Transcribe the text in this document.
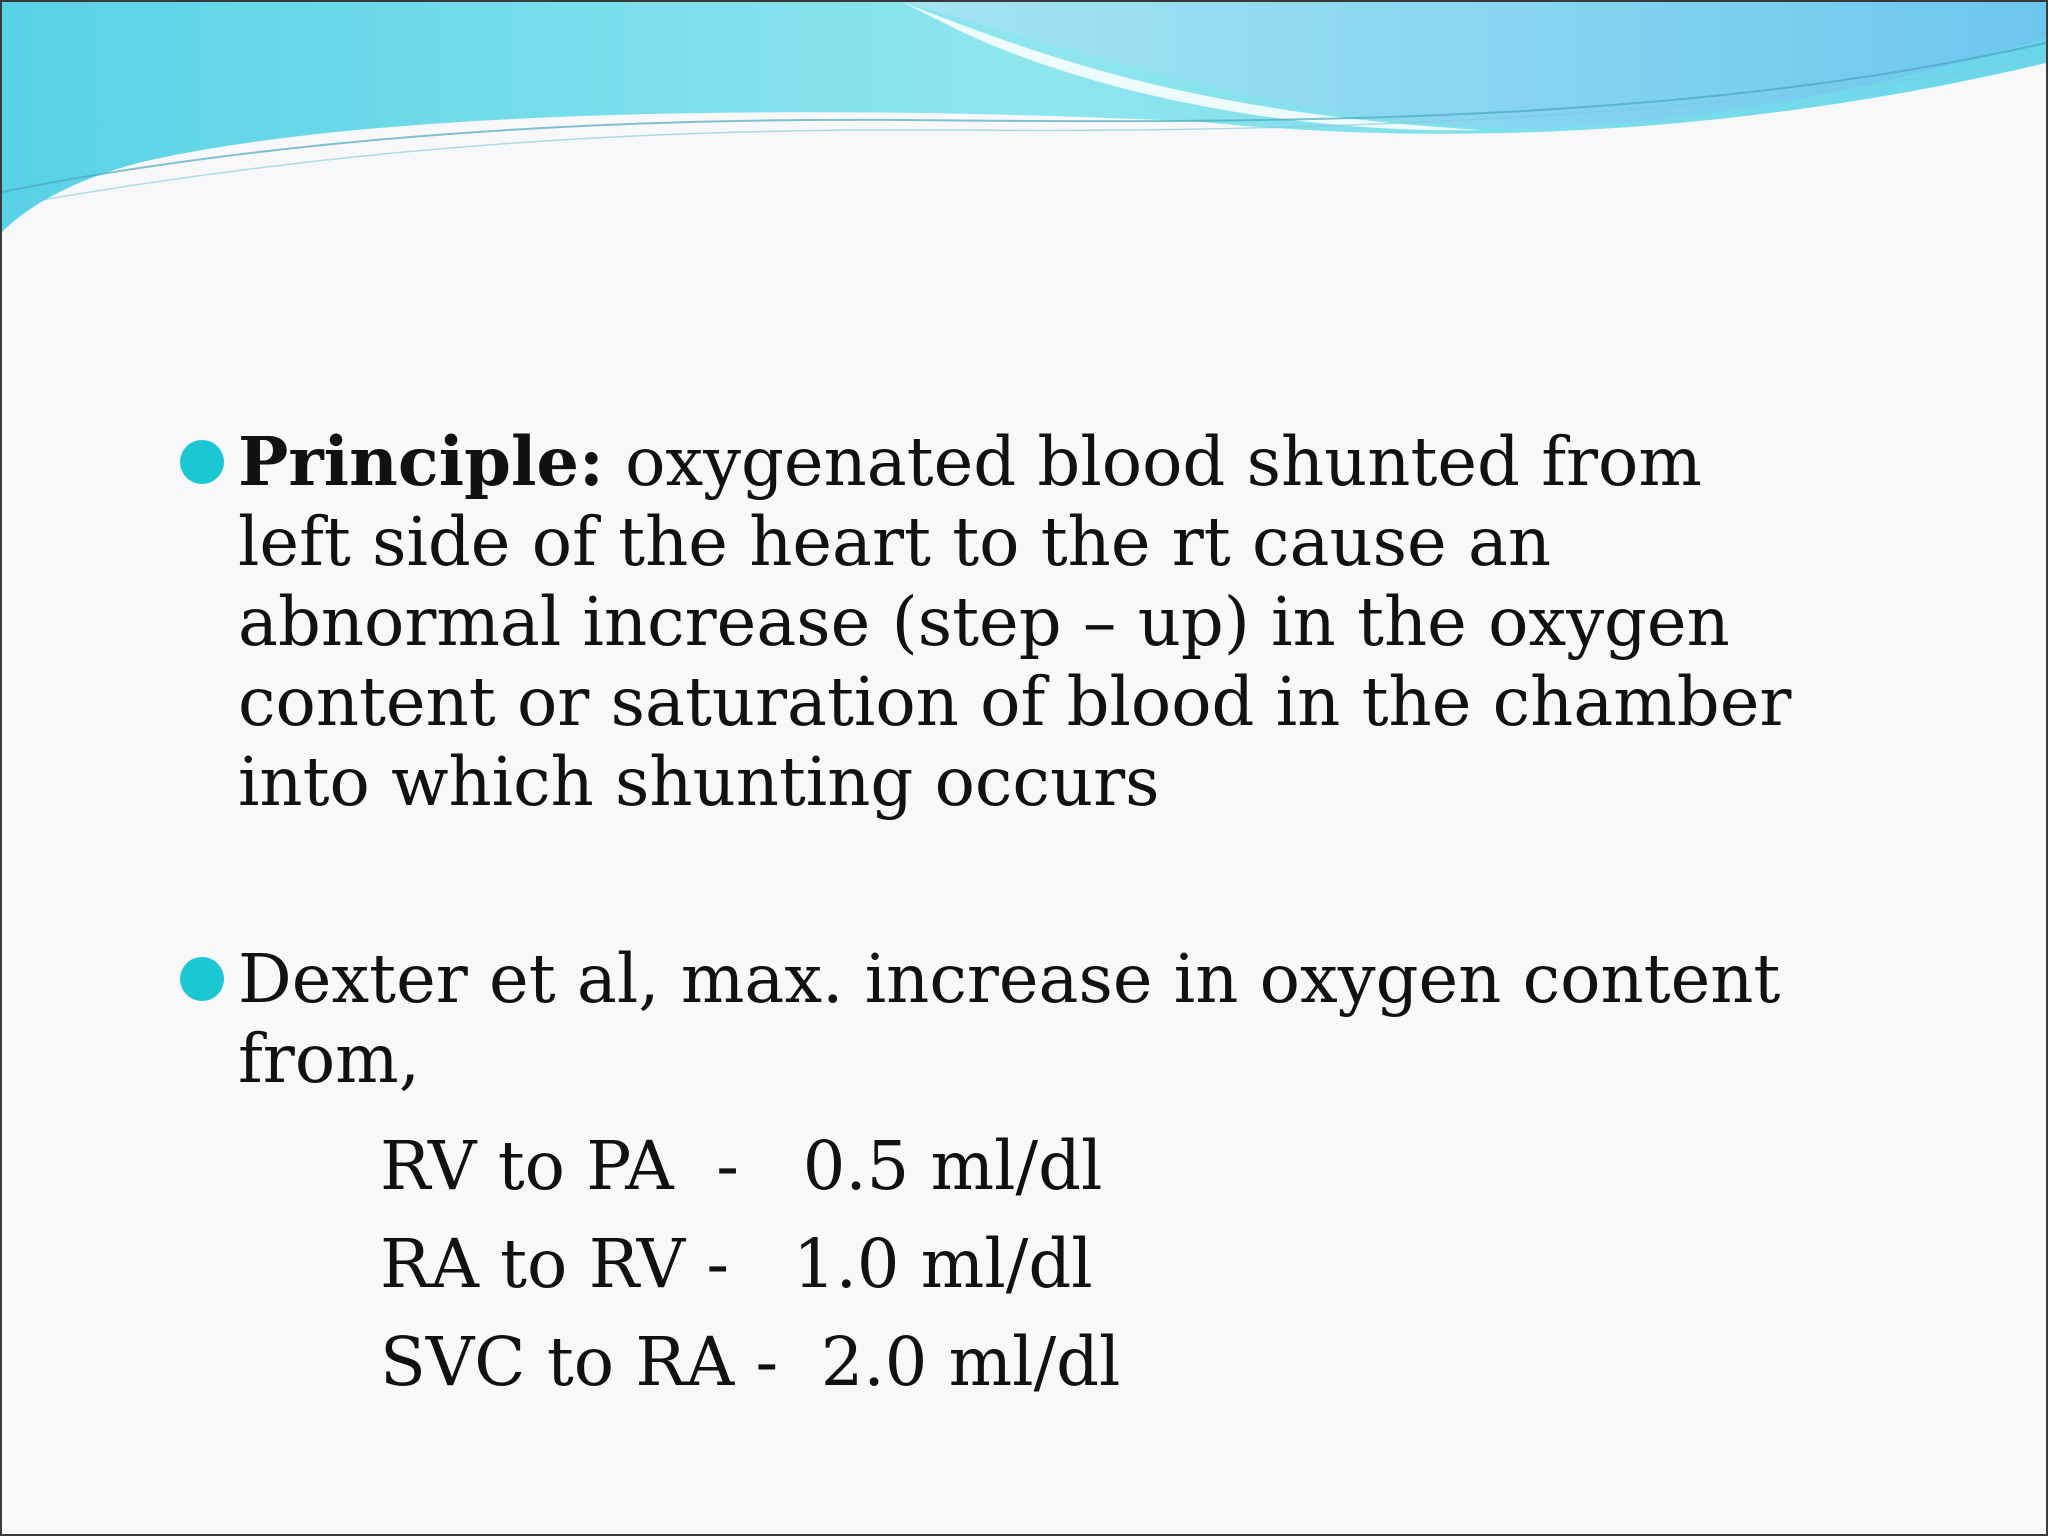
Principle: oxygenated blood shunted from left side of the heart to the rt cause an abnormal increase (step – up) in the oxygen content or saturation of blood in the chamber into which shunting occurs
Dexter et al, max. increase in oxygen content from,
RV to PA  -   0.5 ml/dl
RA to RV -   1.0 ml/dl
SVC to RA -  2.0 ml/dl
